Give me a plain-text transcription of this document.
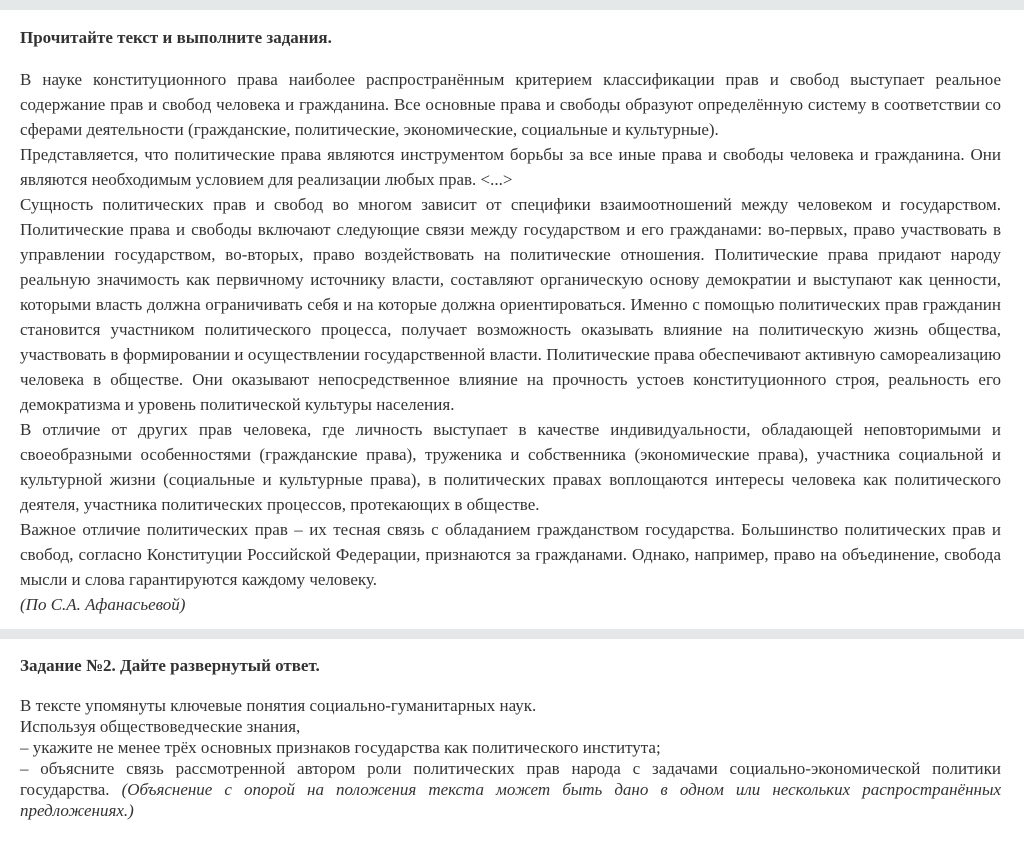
Прочитайте текст и выполните задания.

В науке конституционного права наиболее распространённым критерием классификации прав и свобод выступает реальное содержание прав и свобод человека и гражданина. Все основные права и свободы образуют определённую систему в соответствии со сферами деятельности (гражданские, политические, экономические, социальные и культурные).

Представляется, что политические права являются инструментом борьбы за все иные права и свободы человека и гражданина. Они являются необходимым условием для реализации любых прав. <...>

Сущность политических прав и свобод во многом зависит от специфики взаимоотношений между человеком и государством. Политические права и свободы включают следующие связи между государством и его гражданами: во-первых, право участвовать в управлении государством, во-вторых, право воздействовать на политические отношения. Политические права придают народу реальную значимость как первичному источнику власти, составляют органическую основу демократии и выступают как ценности, которыми власть должна ограничивать себя и на которые должна ориентироваться. Именно с помощью политических прав гражданин становится участником политического процесса, получает возможность оказывать влияние на политическую жизнь общества, участвовать в формировании и осуществлении государственной власти. Политические права обеспечивают активную самореализацию человека в обществе. Они оказывают непосредственное влияние на прочность устоев конституционного строя, реальность его демократизма и уровень политической культуры населения.

В отличие от других прав человека, где личность выступает в качестве индивидуальности, обладающей неповторимыми и своеобразными особенностями (гражданские права), труженика и собственника (экономические права), участника социальной и культурной жизни (социальные и культурные права), в политических правах воплощаются интересы человека как политического деятеля, участника политических процессов, протекающих в обществе.

Важное отличие политических прав – их тесная связь с обладанием гражданством государства. Большинство политических прав и свобод, согласно Конституции Российской Федерации, признаются за гражданами. Однако, например, право на объединение, свобода мысли и слова гарантируются каждому человеку.

(По С.А. Афанасьевой)

Задание №2. Дайте развернутый ответ.

В тексте упомянуты ключевые понятия социально-гуманитарных наук.

Используя обществоведческие знания,

– укажите не менее трёх основных признаков государства как политического института;

– объясните связь рассмотренной автором роли политических прав народа с задачами социально-экономической политики государства. (Объяснение с опорой на положения текста может быть дано в одном или нескольких распространённых предложениях.)
